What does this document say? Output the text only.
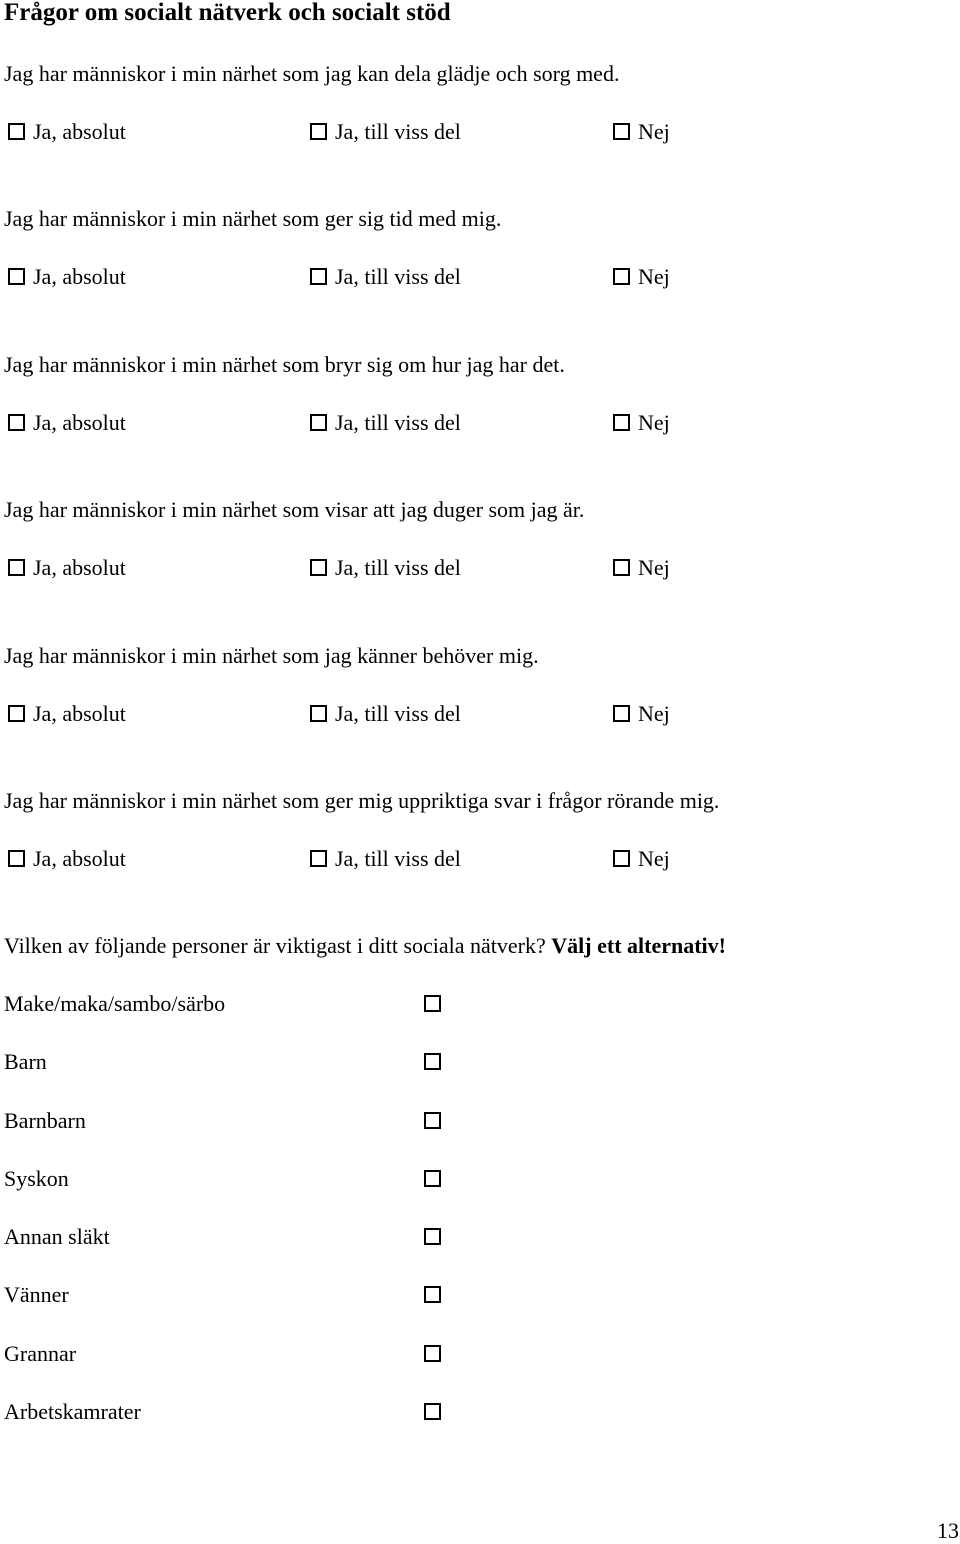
Frågor om socialt nätverk och socialt stöd
Jag har människor i min närhet som jag kan dela glädje och sorg med.
Ja, absolut	Ja, till viss del	Nej
Jag har människor i min närhet som ger sig tid med mig.
Ja, absolut	Ja, till viss del	Nej
Jag har människor i min närhet som bryr sig om hur jag har det.
Ja, absolut	Ja, till viss del	Nej
Jag har människor i min närhet som visar att jag duger som jag är.
Ja, absolut	Ja, till viss del	Nej
Jag har människor i min närhet som jag känner behöver mig.
Ja, absolut	Ja, till viss del	Nej
Jag har människor i min närhet som ger mig uppriktiga svar i frågor rörande mig.
Ja, absolut	Ja, till viss del	Nej
Vilken av följande personer är viktigast i ditt sociala nätverk? Välj ett alternativ!
Make/maka/sambo/särbo
Barn
Barnbarn
Syskon
Annan släkt
Vänner
Grannar
Arbetskamrater
13
